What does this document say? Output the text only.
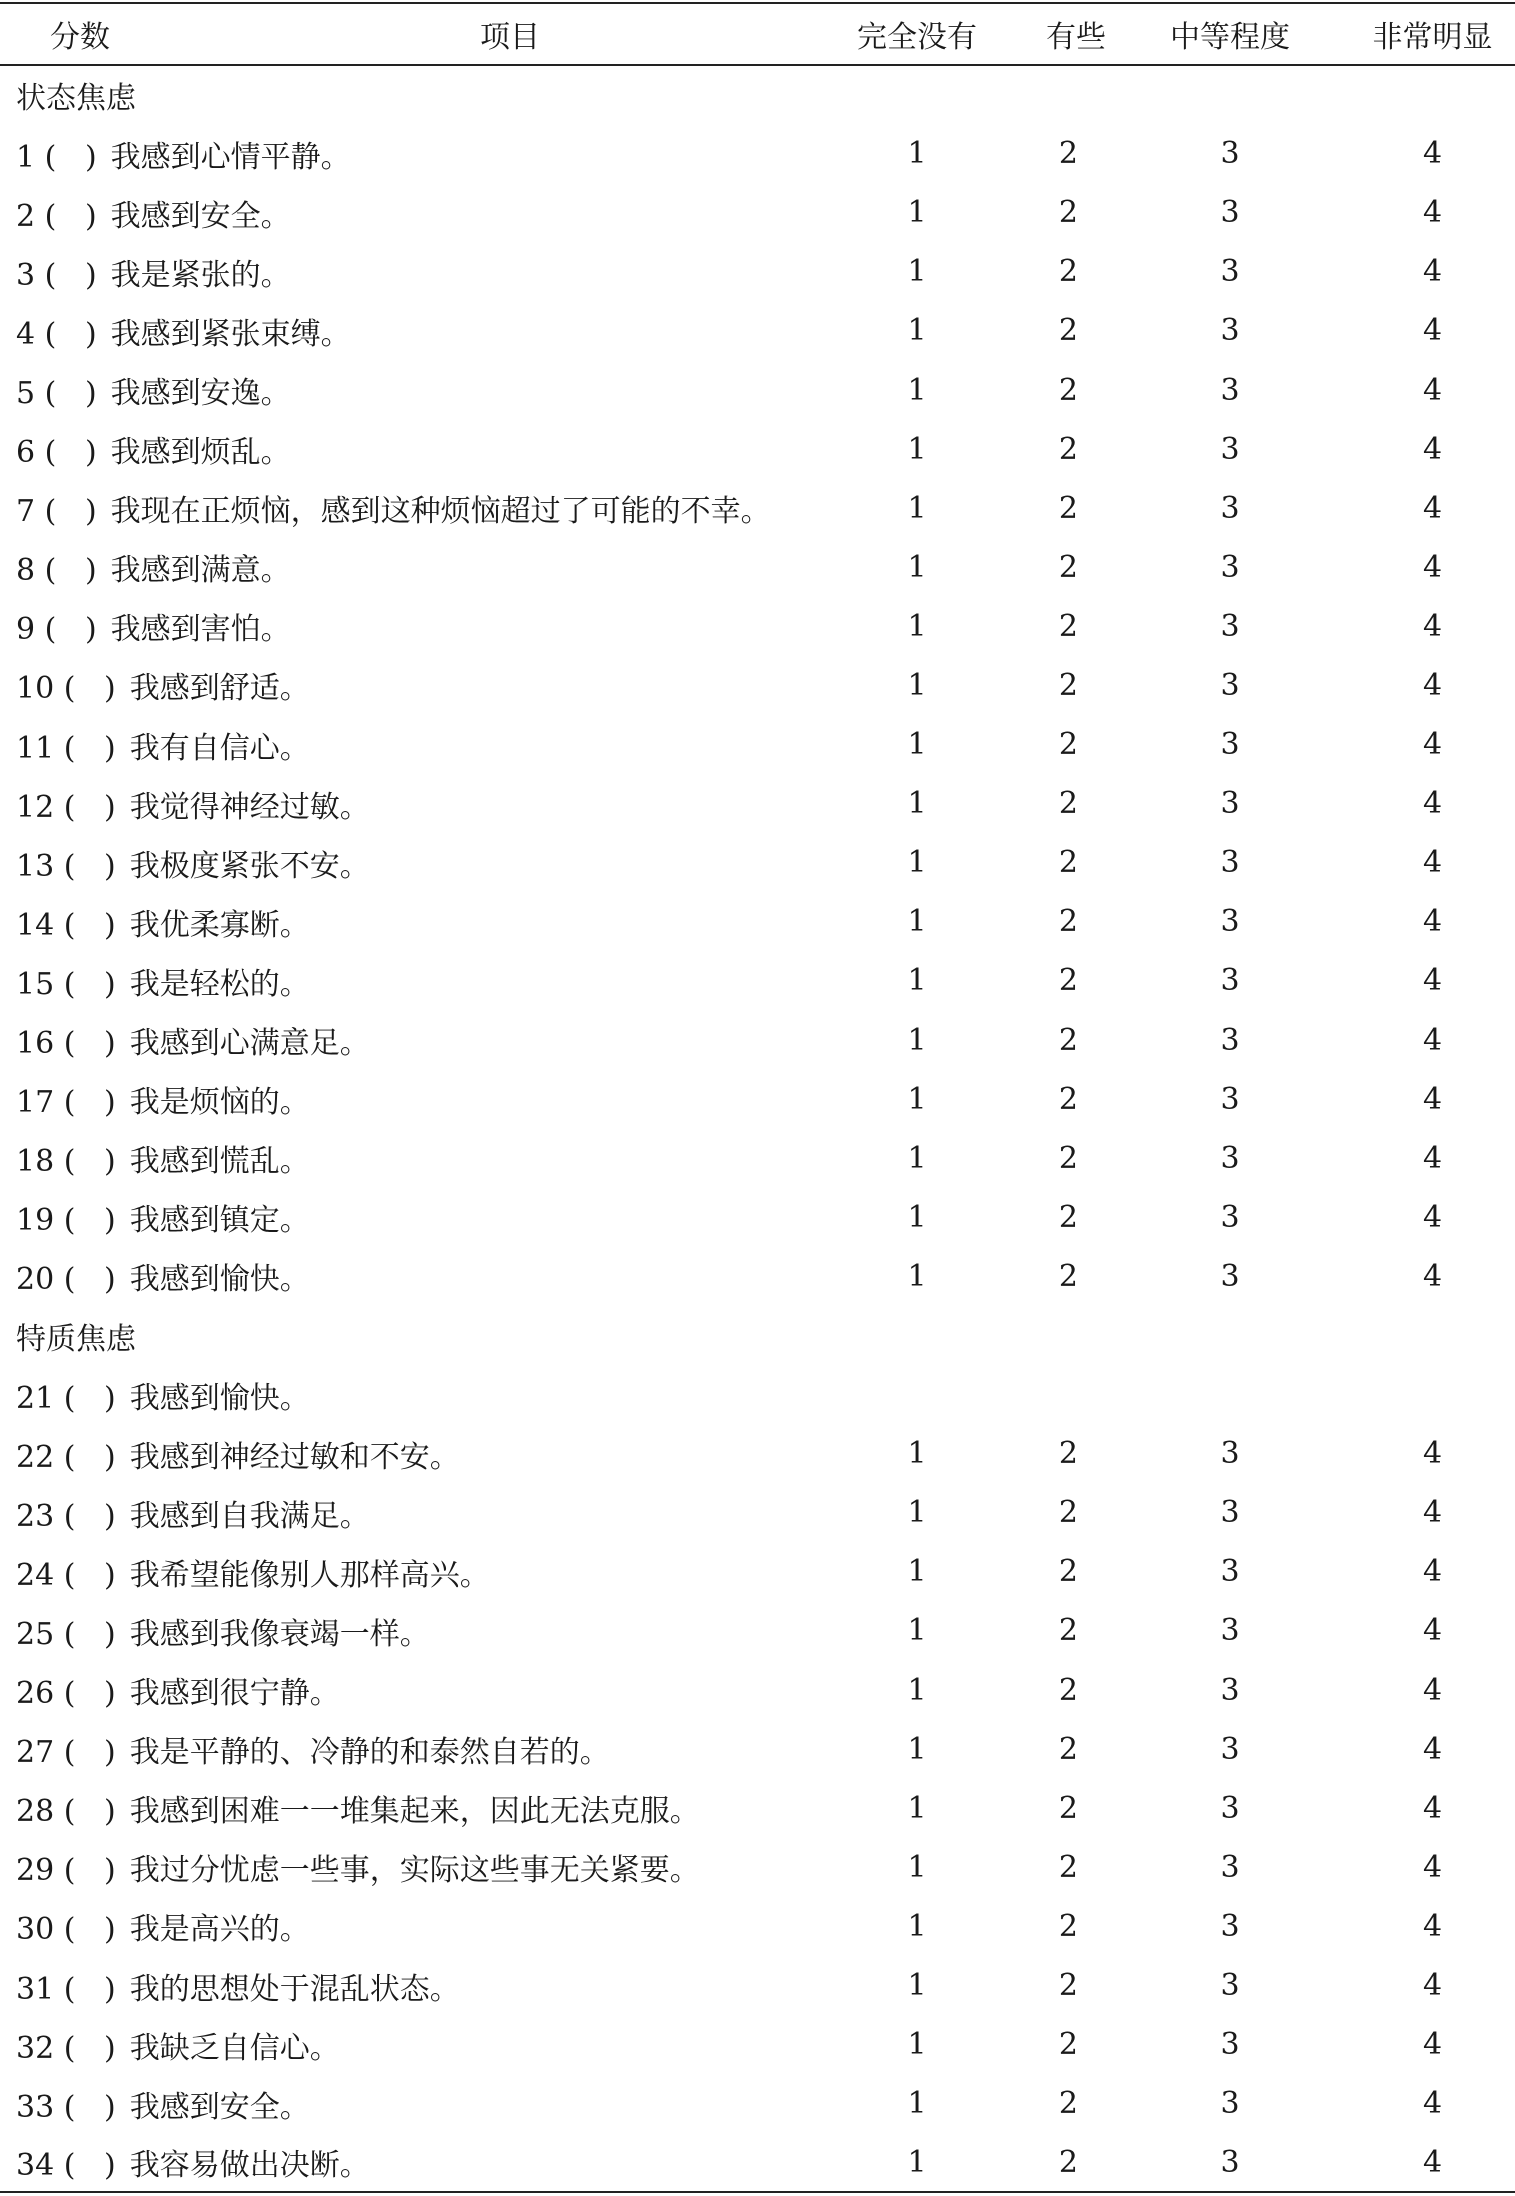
分数 项目	完全没有	有些	中等程度	非常明显
状态焦虑				
1 (   ) 我感到心情平静。	1	2	3	4
2 (   ) 我感到安全。	1	2	3	4
3 (   ) 我是紧张的。	1	2	3	4
4 (   ) 我感到紧张束缚。	1	2	3	4
5 (   ) 我感到安逸。	1	2	3	4
6 (   ) 我感到烦乱。	1	2	3	4
7 (   ) 我现在正烦恼，感到这种烦恼超过了可能的不幸。	1	2	3	4
8 (   ) 我感到满意。	1	2	3	4
9 (   ) 我感到害怕。	1	2	3	4
10 (   ) 我感到舒适。	1	2	3	4
11 (   ) 我有自信心。	1	2	3	4
12 (   ) 我觉得神经过敏。	1	2	3	4
13 (   ) 我极度紧张不安。	1	2	3	4
14 (   ) 我优柔寡断。	1	2	3	4
15 (   ) 我是轻松的。	1	2	3	4
16 (   ) 我感到心满意足。	1	2	3	4
17 (   ) 我是烦恼的。	1	2	3	4
18 (   ) 我感到慌乱。	1	2	3	4
19 (   ) 我感到镇定。	1	2	3	4
20 (   ) 我感到愉快。	1	2	3	4
特质焦虑				
21 (   ) 我感到愉快。				
22 (   ) 我感到神经过敏和不安。	1	2	3	4
23 (   ) 我感到自我满足。	1	2	3	4
24 (   ) 我希望能像别人那样高兴。	1	2	3	4
25 (   ) 我感到我像衰竭一样。	1	2	3	4
26 (   ) 我感到很宁静。	1	2	3	4
27 (   ) 我是平静的、冷静的和泰然自若的。	1	2	3	4
28 (   ) 我感到困难一一堆集起来，因此无法克服。	1	2	3	4
29 (   ) 我过分忧虑一些事，实际这些事无关紧要。	1	2	3	4
30 (   ) 我是高兴的。	1	2	3	4
31 (   ) 我的思想处于混乱状态。	1	2	3	4
32 (   ) 我缺乏自信心。	1	2	3	4
33 (   ) 我感到安全。	1	2	3	4
34 (   ) 我容易做出决断。	1	2	3	4
